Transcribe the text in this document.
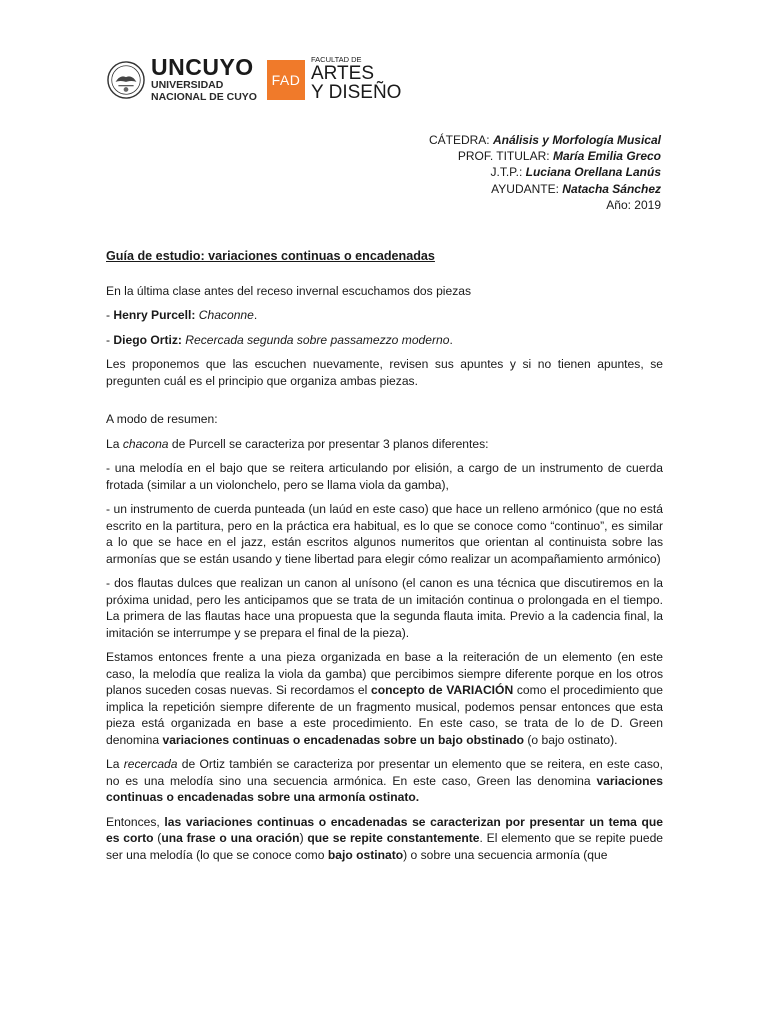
UNCUYO
UNIVERSIDAD
NACIONAL DE CUYO
FAD
FACULTAD DE
ARTES
Y DISEÑO
CÁTEDRA: Análisis y Morfología Musical
PROF. TITULAR: María Emilia Greco
J.T.P.: Luciana Orellana Lanús
AYUDANTE: Natacha Sánchez
Año: 2019

Guía de estudio: variaciones continuas o encadenadas

En la última clase antes del receso invernal escuchamos dos piezas

- Henry Purcell: Chaconne.

- Diego Ortiz: Recercada segunda sobre passamezzo moderno.

Les proponemos que las escuchen nuevamente, revisen sus apuntes y si no tienen apuntes, se pregunten cuál es el principio que organiza ambas piezas.

A modo de resumen:

La chacona de Purcell se caracteriza por presentar 3 planos diferentes:

- una melodía en el bajo que se reitera articulando por elisión, a cargo de un instrumento de cuerda frotada (similar a un violonchelo, pero se llama viola da gamba),

- un instrumento de cuerda punteada (un laúd en este caso) que hace un relleno armónico (que no está escrito en la partitura, pero en la práctica era habitual, es lo que se conoce como “continuo”, es similar a lo que se hace en el jazz, están escritos algunos numeritos que orientan al continuista sobre las armonías que se están usando y tiene libertad para elegir cómo realizar un acompañamiento armónico)

- dos flautas dulces que realizan un canon al unísono (el canon es una técnica que discutiremos en la próxima unidad, pero les anticipamos que se trata de un imitación continua o prolongada en el tiempo. La primera de las flautas hace una propuesta que la segunda flauta imita. Previo a la cadencia final, la imitación se interrumpe y se prepara el final de la pieza).

Estamos entonces frente a una pieza organizada en base a la reiteración de un elemento (en este caso, la melodía que realiza la viola da gamba) que percibimos siempre diferente porque en los otros planos suceden cosas nuevas. Si recordamos el concepto de VARIACIÓN como el procedimiento que implica la repetición siempre diferente de un fragmento musical, podemos pensar entonces que esta pieza está organizada en base a este procedimiento. En este caso, se trata de lo de D. Green denomina variaciones continuas o encadenadas sobre un bajo obstinado (o bajo ostinato).

La recercada de Ortiz también se caracteriza por presentar un elemento que se reitera, en este caso, no es una melodía sino una secuencia armónica. En este caso, Green las denomina variaciones continuas o encadenadas sobre una armonía ostinato.

Entonces, las variaciones continuas o encadenadas se caracterizan por presentar un tema que es corto (una frase o una oración) que se repite constantemente. El elemento que se repite puede ser una melodía (lo que se conoce como bajo ostinato) o sobre una secuencia armonía (que
